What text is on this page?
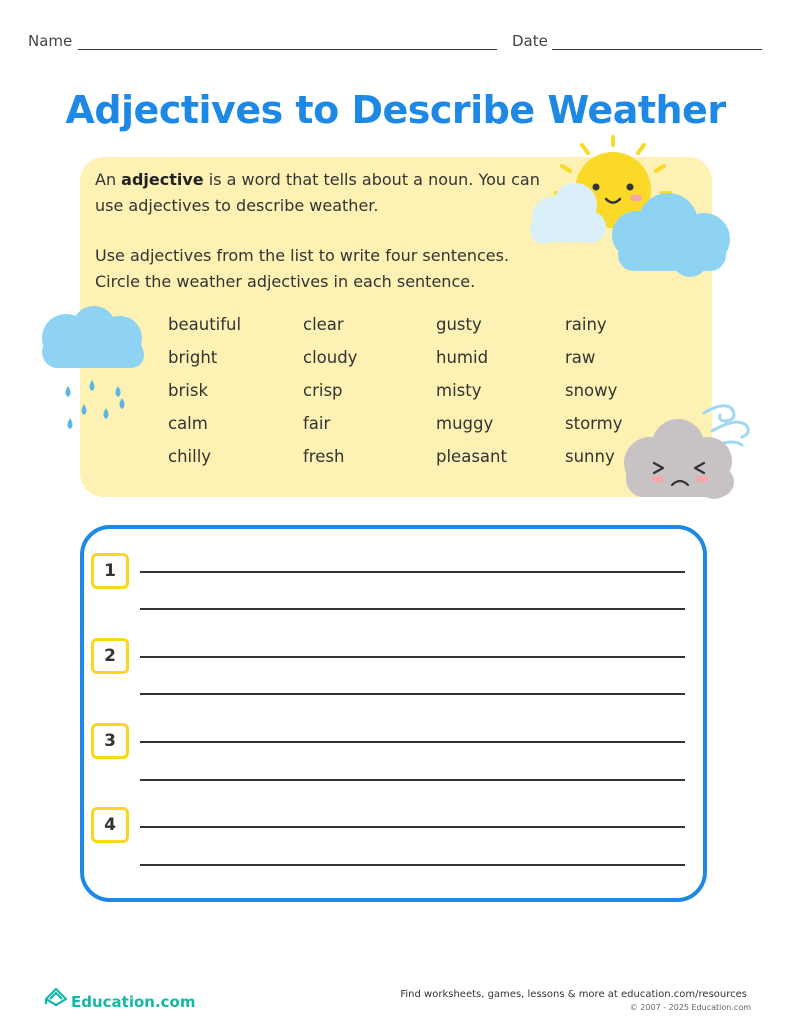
Name	Date
Adjectives to Describe Weather
An adjective is a word that tells about a noun. You can
use adjectives to describe weather.
Use adjectives from the list to write four sentences.
Circle the weather adjectives in each sentence.
beautiful
bright
brisk
calm
chilly
clear
cloudy
crisp
fair
fresh
gusty
humid
misty
muggy
pleasant
rainy
raw
snowy
stormy
sunny
1
2
3
4
Education.com	Find worksheets, games, lessons & more at education.com/resources
© 2007 - 2025 Education.com
